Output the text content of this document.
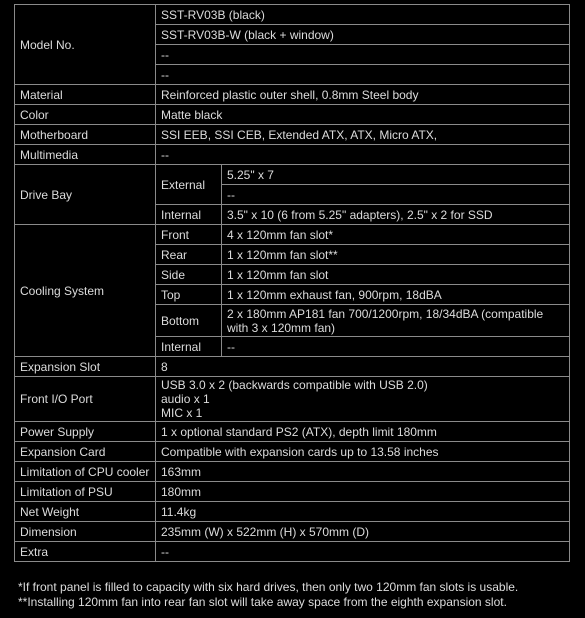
Model No.	SST-RV03B (black)	
	SST-RV03B-W (black + window)	
	--	
	--	
Material	Reinforced plastic outer shell, 0.8mm Steel body	
Color	Matte black	
Motherboard	SSI EEB, SSI CEB, Extended ATX, ATX, Micro ATX,	
Multimedia	--	
Drive Bay	External	5.25" x 7
		--
	Internal	3.5" x 10 (6 from 5.25" adapters), 2.5" x 2 for SSD
Cooling System	Front	4 x 120mm fan slot*
	Rear	1 x 120mm fan slot**
	Side	1 x 120mm fan slot
	Top	1 x 120mm exhaust fan, 900rpm, 18dBA
	Bottom	2 x 180mm AP181 fan 700/1200rpm, 18/34dBA (compatible with 3 x 120mm fan)
	Internal	--
Expansion Slot	8	
Front I/O Port	USB 3.0 x 2 (backwards compatible with USB 2.0)
audio x 1
MIC x 1	

Power Supply	1 x optional standard PS2 (ATX), depth limit 180mm	
Expansion Card	Compatible with expansion cards up to 13.58 inches	
Limitation of CPU cooler	163mm	
Limitation of PSU	180mm	
Net Weight	11.4kg	
Dimension	235mm (W) x 522mm (H) x 570mm (D)	
Extra	--	
*If front panel is filled to capacity with six hard drives, then only two 120mm fan slots is usable.
**Installing 120mm fan into rear fan slot will take away space from the eighth expansion slot.
